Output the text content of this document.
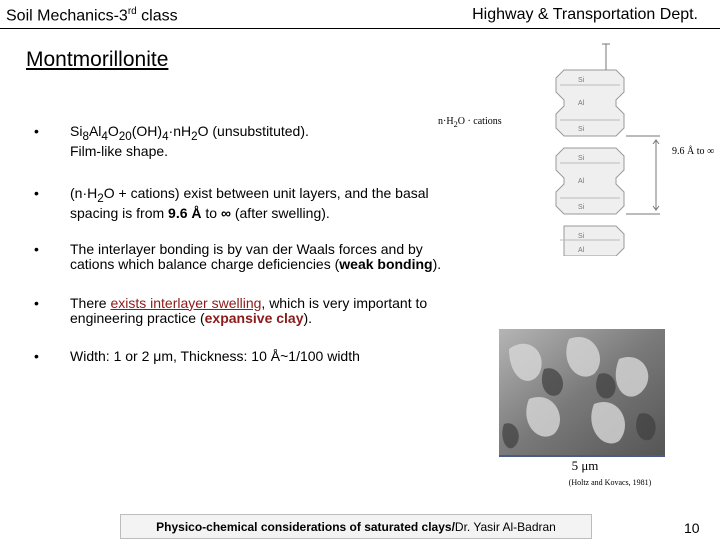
Soil Mechanics-3rd class	Highway & Transportation Dept.
Montmorillonite
• $Si_8Al_4O_{20}(OH)_4\cdot nH_2O$ (unsubstituted).
Film-like shape.
• ($n\cdot H_2O$ + cations) exist between unit layers, and the basal spacing is from 9.6 Å to ∞ (after swelling).
• The interlayer bonding is by van der Waals forces and by cations which balance charge deficiencies (weak bonding).
• There exists interlayer swelling, which is very important to engineering practice (expansive clay).
• Width: 1 or 2 μm, Thickness: 10 Å~1/100 width
$n\cdot H_2O$ · cations
Si
Al
Si
Si
Al
Si
Si
Al
9.6 Å to ∞
5 μm
(Holtz and Kovacs, 1981)
Physico-chemical considerations of saturated clays/ Dr. Yasir Al-Badran	10
